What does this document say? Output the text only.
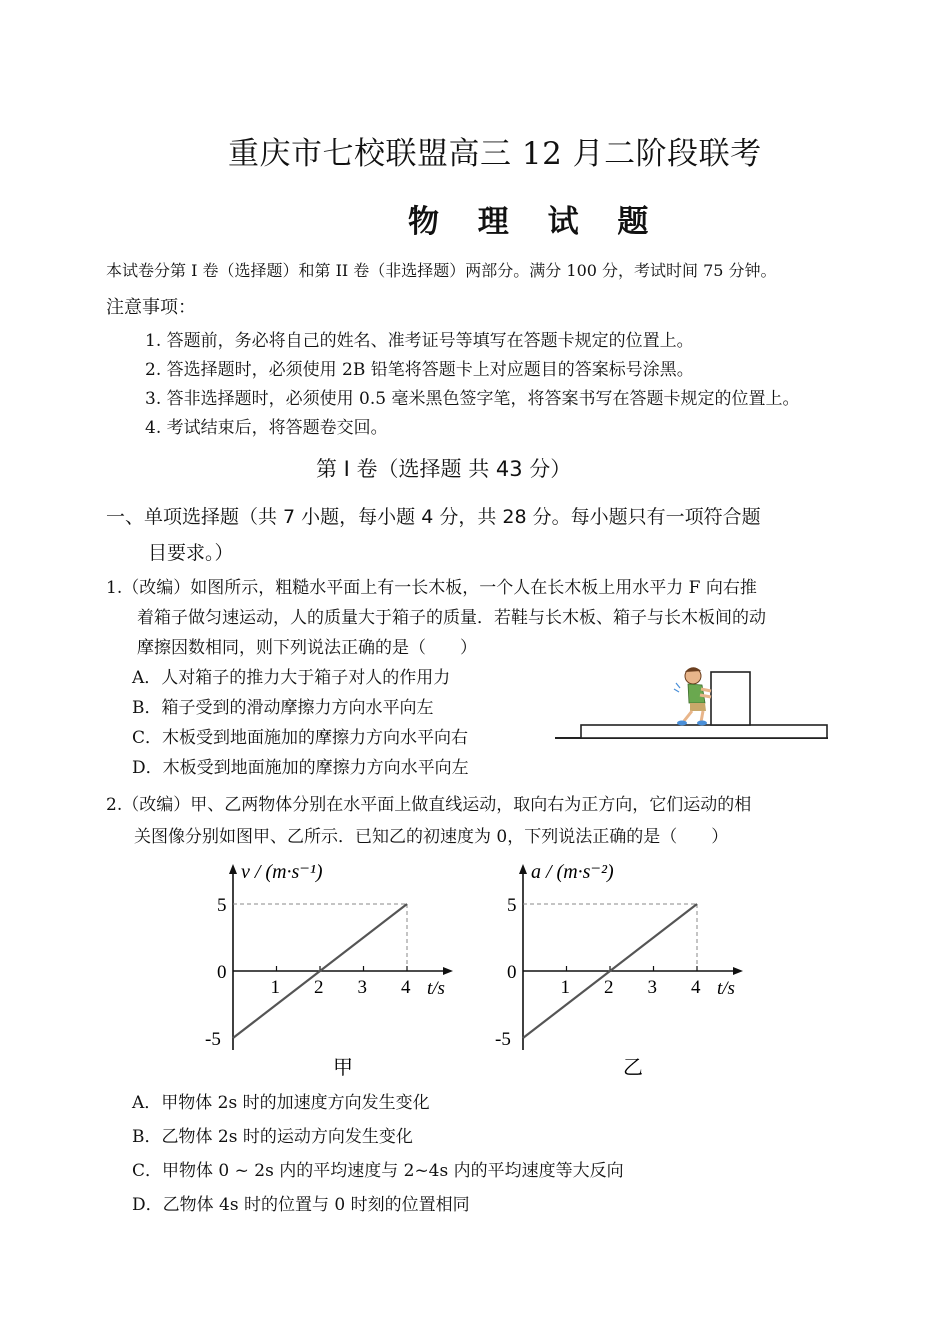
重庆市七校联盟高三 12 月二阶段联考
物 理 试 题
本试卷分第 I 卷（选择题）和第 II 卷（非选择题）两部分。满分 100 分，考试时间 75 分钟。
注意事项：
1. 答题前，务必将自己的姓名、准考证号等填写在答题卡规定的位置上。
2. 答选择题时，必须使用 2B 铅笔将答题卡上对应题目的答案标号涂黑。
3. 答非选择题时，必须使用 0.5 毫米黑色签字笔，将答案书写在答题卡规定的位置上。
4. 考试结束后，将答题卷交回。
第 I 卷（选择题 共 43 分）
一、单项选择题（共 7 小题，每小题 4 分，共 28 分。每小题只有一项符合题
目要求。）
1.（改编）如图所示，粗糙水平面上有一长木板，一个人在长木板上用水平力 F 向右推
着箱子做匀速运动，人的质量大于箱子的质量．若鞋与长木板、箱子与长木板间的动
摩擦因数相同，则下列说法正确的是（　　）
A．人对箱子的推力大于箱子对人的作用力
B．箱子受到的滑动摩擦力方向水平向左
C．木板受到地面施加的摩擦力方向水平向右
D．木板受到地面施加的摩擦力方向水平向左
2.（改编）甲、乙两物体分别在水平面上做直线运动，取向右为正方向，它们运动的相
关图像分别如图甲、乙所示．已知乙的初速度为 0，下列说法正确的是（　　）
1 2 3 4
5
0
-5
v / (m·s⁻¹)
t/s
甲
1 2 3 4
5
0
-5
a / (m·s⁻²)
t/s
乙
A．甲物体 2s 时的加速度方向发生变化
B．乙物体 2s 时的运动方向发生变化
C．甲物体 0 ~ 2s 内的平均速度与 2~4s 内的平均速度等大反向
D．乙物体 4s 时的位置与 0 时刻的位置相同
